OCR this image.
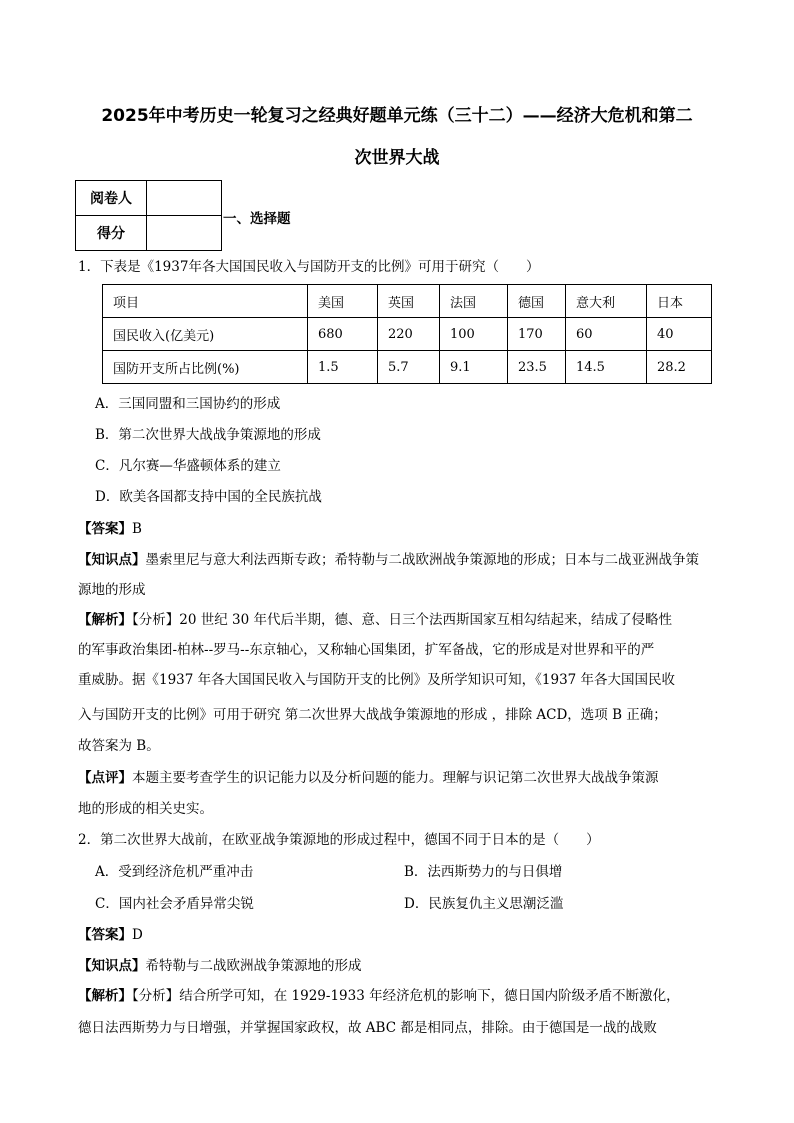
2025年中考历史一轮复习之经典好题单元练（三十二）——经济大危机和第二
次世界大战
阅卷人	
得分	
一、选择题
1．下表是《1937年各大国国民收入与国防开支的比例》可用于研究（　　）
项目	美国	英国	法国	德国	意大利	日本
国民收入(亿美元)	680	220	100	170	60	40
国防开支所占比例(%)	1.5	5.7	9.1	23.5	14.5	28.2
A．三国同盟和三国协约的形成
B．第二次世界大战战争策源地的形成
C．凡尔赛—华盛顿体系的建立
D．欧美各国都支持中国的全民族抗战
【答案】B
【知识点】墨索里尼与意大利法西斯专政；希特勒与二战欧洲战争策源地的形成；日本与二战亚洲战争策
源地的形成
【解析】【分析】20 世纪 30 年代后半期，德、意、日三个法西斯国家互相勾结起来，结成了侵略性
的军事政治集团-柏林--罗马--东京轴心，又称轴心国集团，扩军备战，它的形成是对世界和平的严
重威胁。据《1937 年各大国国民收入与国防开支的比例》及所学知识可知，《1937 年各大国国民收
入与国防开支的比例》可用于研究 第二次世界大战战争策源地的形成 ，排除 ACD，选项 B 正确；
故答案为 B。
【点评】本题主要考查学生的识记能力以及分析问题的能力。理解与识记第二次世界大战战争策源
地的形成的相关史实。
2．第二次世界大战前，在欧亚战争策源地的形成过程中，德国不同于日本的是（　　）
A．受到经济危机严重冲击	B．法西斯势力的与日俱增
C．国内社会矛盾异常尖锐	D．民族复仇主义思潮泛滥
【答案】D
【知识点】希特勒与二战欧洲战争策源地的形成
【解析】【分析】结合所学可知，在 1929-1933 年经济危机的影响下，德日国内阶级矛盾不断激化，
德日法西斯势力与日增强，并掌握国家政权，故 ABC 都是相同点，排除。由于德国是一战的战败
